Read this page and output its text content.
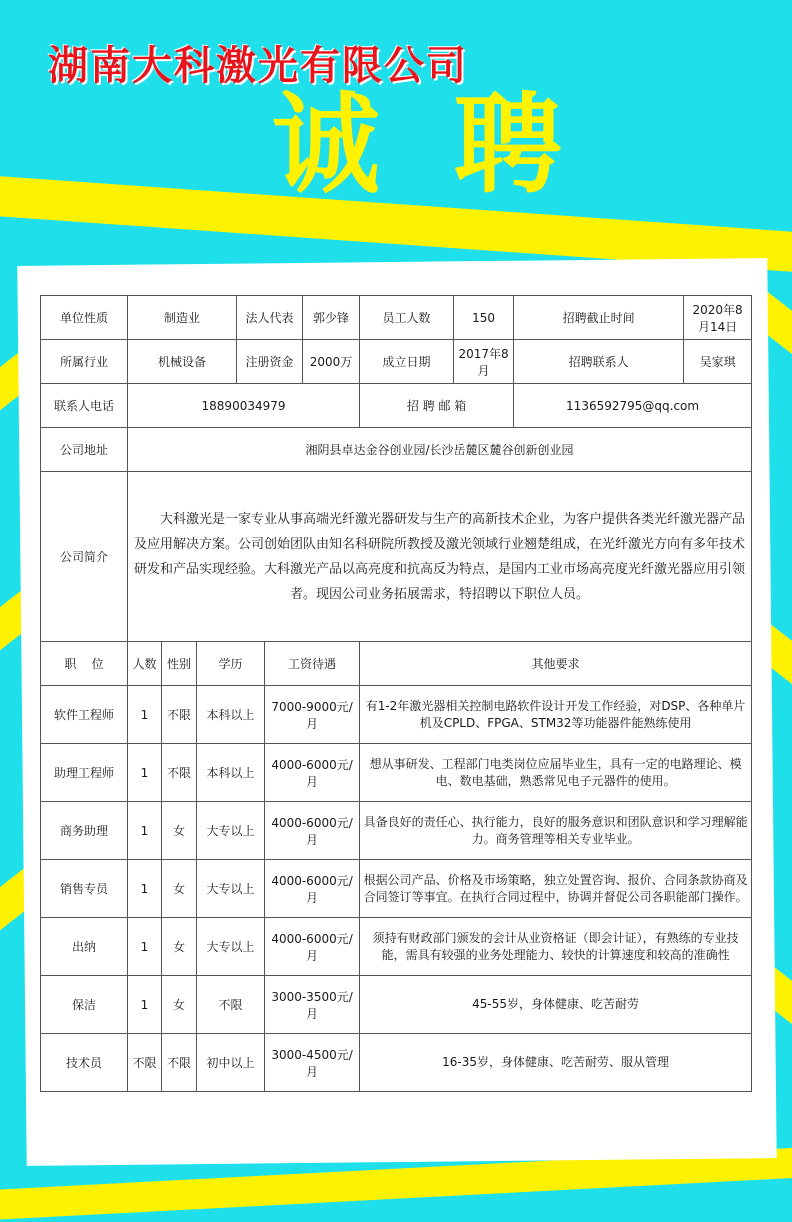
湖南大科激光有限公司
诚 聘
单位性质	制造业			法人代表		郭少锋	员工人数	150	招聘截止时间	2020年8月14日
所属行业	机械设备			注册资金		2000万	成立日期	2017年8月	招聘联系人	吴家琪
联系人电话	18890034979						招 聘 邮 箱		1136592795@qq.com	
公司地址	湘阴县卓达金谷创业园/长沙岳麓区麓谷创新创业园									
公司简介	大科激光是一家专业从事高端光纤激光器研发与生产的高新技术企业，为客户提供各类光纤激光器产品及应用解决方案。公司创始团队由知名科研院所教授及激光领域行业翘楚组成，在光纤激光方向有多年技术研发和产品实现经验。大科激光产品以高亮度和抗高反为特点，是国内工业市场高亮度光纤激光器应用引领者。现因公司业务拓展需求，特招聘以下职位人员。									
职    位	人数	性别	学历		工资待遇		其他要求			
软件工程师	1	不限	本科以上		7000-9000元/月		有1-2年激光器相关控制电路软件设计开发工作经验，对DSP、各种单片机及CPLD、FPGA、STM32等功能器件能熟练使用			
助理工程师	1	不限	本科以上		4000-6000元/月		想从事研发、工程部门电类岗位应届毕业生，具有一定的电路理论、模电、数电基础，熟悉常见电子元器件的使用。			
商务助理	1	女	大专以上		4000-6000元/月		具备良好的责任心、执行能力，良好的服务意识和团队意识和学习理解能力。商务管理等相关专业毕业。			
销售专员	1	女	大专以上		4000-6000元/月		根据公司产品、价格及市场策略，独立处置咨询、报价、合同条款协商及合同签订等事宜。在执行合同过程中，协调并督促公司各职能部门操作。			
出纳	1	女	大专以上		4000-6000元/月		须持有财政部门颁发的会计从业资格证（即会计证），有熟练的专业技能，需具有较强的业务处理能力、较快的计算速度和较高的准确性			
保洁	1	女	不限		3000-3500元/月		45-55岁，身体健康、吃苦耐劳			
技术员	不限	不限	初中以上		3000-4500元/月		16-35岁，身体健康、吃苦耐劳、服从管理			
